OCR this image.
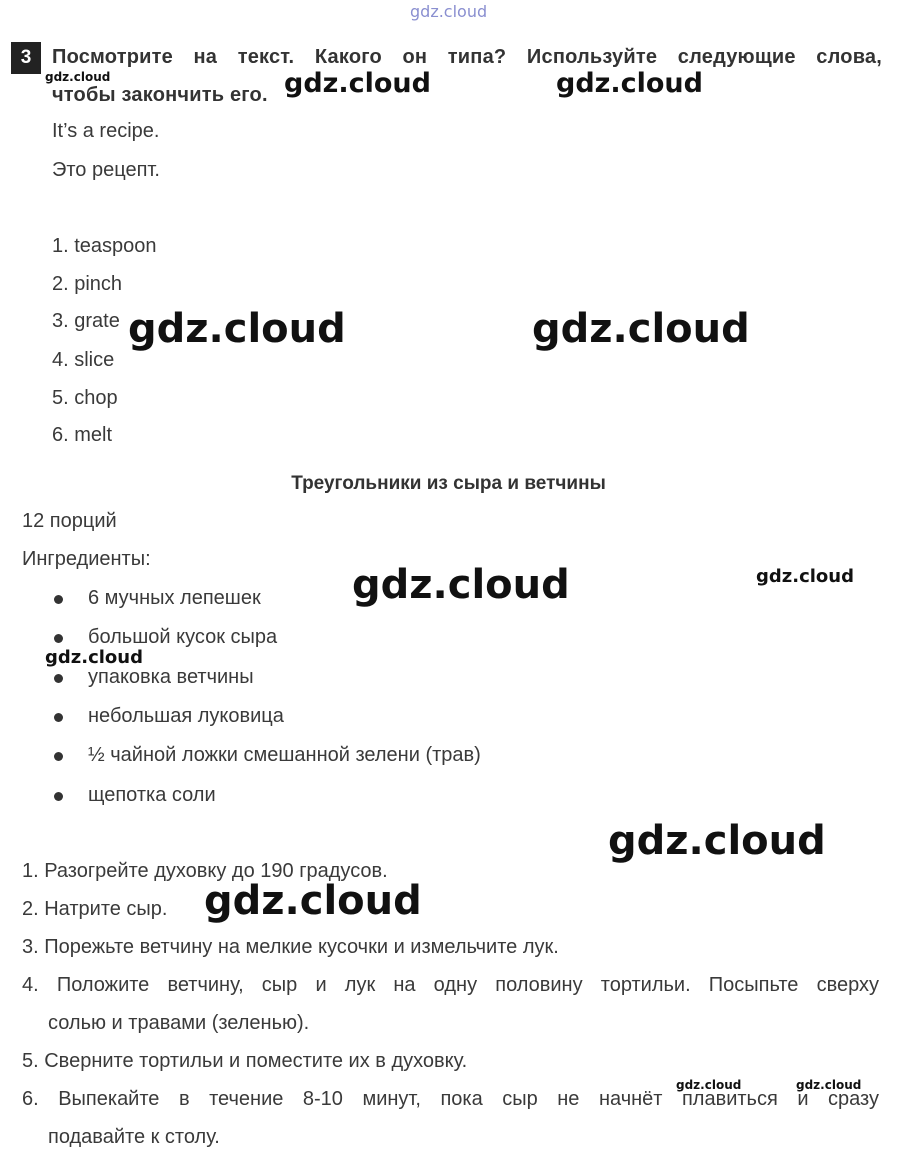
gdz.cloud
3	Посмотрите на текст. Какого он типа? Используйте следующие слова,
чтобы закончить его.
It’s a recipe.
Это рецепт.
1. teaspoon
2. pinch
3. grate
4. slice
5. chop
6. melt
Треугольники из сыра и ветчины
12 порций
Ингредиенты:
6 мучных лепешек
большой кусок сыра
упаковка ветчины
небольшая луковица
½ чайной ложки смешанной зелени (трав)
щепотка соли
1. Разогрейте духовку до 190 градусов.
2. Натрите сыр.
3. Порежьте ветчину на мелкие кусочки и измельчите лук.
4. Положите ветчину, сыр и лук на одну половину тортильи. Посыпьте сверху
солью и травами (зеленью).
5. Сверните тортильи и поместите их в духовку.
6. Выпекайте в течение 8-10 минут, пока сыр не начнёт плавиться и сразу
подавайте к столу.
gdz.cloud	gdz.cloud	gdz.cloud
gdz.cloud	gdz.cloud
gdz.cloud	gdz.cloud
gdz.cloud
gdz.cloud
gdz.cloud
gdz.cloud	gdz.cloud
